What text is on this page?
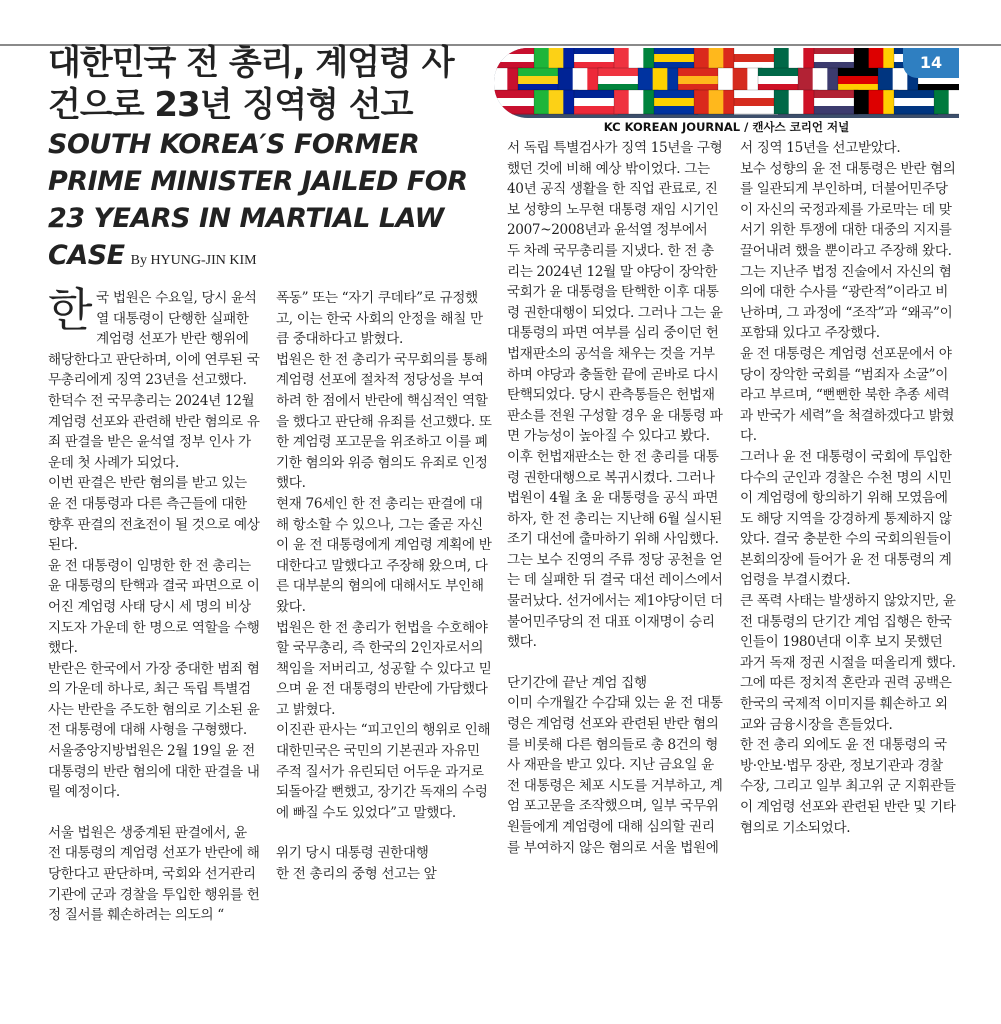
대한민국 전 총리, 계엄령 사건으로 23년 징역형 선고
SOUTH KOREA′S FORMER PRIME MINISTER JAILED FOR 23 YEARS IN MARTIAL LAW CASE By HYUNG-JIN KIM
14
KC KOREAN JOURNAL / 캔사스 코리언 저널

한국 법원은 수요일, 당시 윤석열 대통령이 단행한 실패한 계엄령 선포가 반란 행위에 해당한다고 판단하며, 이에 연루된 국무총리에게 징역 23년을 선고했다. 한덕수 전 국무총리는 2024년 12월 계엄령 선포와 관련해 반란 혐의로 유죄 판결을 받은 윤석열 정부 인사 가운데 첫 사례가 되었다.

이번 판결은 반란 혐의를 받고 있는 윤 전 대통령과 다른 측근들에 대한 향후 판결의 전초전이 될 것으로 예상된다.

윤 전 대통령이 임명한 한 전 총리는 윤 대통령의 탄핵과 결국 파면으로 이어진 계엄령 사태 당시 세 명의 비상 지도자 가운데 한 명으로 역할을 수행했다.

반란은 한국에서 가장 중대한 범죄 혐의 가운데 하나로, 최근 독립 특별검사는 반란을 주도한 혐의로 기소된 윤 전 대통령에 대해 사형을 구형했다. 서울중앙지방법원은 2월 19일 윤 전 대통령의 반란 혐의에 대한 판결을 내릴 예정이다.

서울 법원은 생중계된 판결에서, 윤 전 대통령의 계엄령 선포가 반란에 해당한다고 판단하며, 국회와 선거관리기관에 군과 경찰을 투입한 행위를 헌정 질서를 훼손하려는 의도의 “

폭동” 또는 “자기 쿠데타”로 규정했고, 이는 한국 사회의 안정을 해칠 만큼 중대하다고 밝혔다.

법원은 한 전 총리가 국무회의를 통해 계엄령 선포에 절차적 정당성을 부여하려 한 점에서 반란에 핵심적인 역할을 했다고 판단해 유죄를 선고했다. 또한 계엄령 포고문을 위조하고 이를 폐기한 혐의와 위증 혐의도 유죄로 인정했다.

현재 76세인 한 전 총리는 판결에 대해 항소할 수 있으나, 그는 줄곧 자신이 윤 전 대통령에게 계엄령 계획에 반대한다고 말했다고 주장해 왔으며, 다른 대부분의 혐의에 대해서도 부인해 왔다.

법원은 한 전 총리가 헌법을 수호해야 할 국무총리, 즉 한국의 2인자로서의 책임을 저버리고, 성공할 수 있다고 믿으며 윤 전 대통령의 반란에 가담했다고 밝혔다.

이진관 판사는 “피고인의 행위로 인해 대한민국은 국민의 기본권과 자유민주적 질서가 유린되던 어두운 과거로 되돌아갈 뻔했고, 장기간 독재의 수렁에 빠질 수도 있었다”고 말했다.

위기 당시 대통령 권한대행

한 전 총리의 중형 선고는 앞

서 독립 특별검사가 징역 15년을 구형했던 것에 비해 예상 밖이었다. 그는 40년 공직 생활을 한 직업 관료로, 진보 성향의 노무현 대통령 재임 시기인 2007~2008년과 윤석열 정부에서 두 차례 국무총리를 지냈다. 한 전 총리는 2024년 12월 말 야당이 장악한 국회가 윤 대통령을 탄핵한 이후 대통령 권한대행이 되었다. 그러나 그는 윤 대통령의 파면 여부를 심리 중이던 헌법재판소의 공석을 채우는 것을 거부하며 야당과 충돌한 끝에 곧바로 다시 탄핵되었다. 당시 관측통들은 헌법재판소를 전원 구성할 경우 윤 대통령 파면 가능성이 높아질 수 있다고 봤다.

이후 헌법재판소는 한 전 총리를 대통령 권한대행으로 복귀시켰다. 그러나 법원이 4월 초 윤 대통령을 공식 파면하자, 한 전 총리는 지난해 6월 실시된 조기 대선에 출마하기 위해 사임했다. 그는 보수 진영의 주류 정당 공천을 얻는 데 실패한 뒤 결국 대선 레이스에서 물러났다. 선거에서는 제1야당이던 더불어민주당의 전 대표 이재명이 승리했다.

단기간에 끝난 계엄 집행

이미 수개월간 수감돼 있는 윤 전 대통령은 계엄령 선포와 관련된 반란 혐의를 비롯해 다른 혐의들로 총 8건의 형사 재판을 받고 있다. 지난 금요일 윤 전 대통령은 체포 시도를 거부하고, 계엄 포고문을 조작했으며, 일부 국무위원들에게 계엄령에 대해 심의할 권리를 부여하지 않은 혐의로 서울 법원에

서 징역 15년을 선고받았다.

보수 성향의 윤 전 대통령은 반란 혐의를 일관되게 부인하며, 더불어민주당이 자신의 국정과제를 가로막는 데 맞서기 위한 투쟁에 대한 대중의 지지를 끌어내려 했을 뿐이라고 주장해 왔다. 그는 지난주 법정 진술에서 자신의 혐의에 대한 수사를 “광란적”이라고 비난하며, 그 과정에 “조작”과 “왜곡”이 포함돼 있다고 주장했다.

윤 전 대통령은 계엄령 선포문에서 야당이 장악한 국회를 “범죄자 소굴”이라고 부르며, “뻔뻔한 북한 추종 세력과 반국가 세력”을 척결하겠다고 밝혔다.

그러나 윤 전 대통령이 국회에 투입한 다수의 군인과 경찰은 수천 명의 시민이 계엄령에 항의하기 위해 모였음에도 해당 지역을 강경하게 통제하지 않았다. 결국 충분한 수의 국회의원들이 본회의장에 들어가 윤 전 대통령의 계엄령을 부결시켰다.

큰 폭력 사태는 발생하지 않았지만, 윤 전 대통령의 단기간 계엄 집행은 한국인들이 1980년대 이후 보지 못했던 과거 독재 정권 시절을 떠올리게 했다. 그에 따른 정치적 혼란과 권력 공백은 한국의 국제적 이미지를 훼손하고 외교와 금융시장을 흔들었다.

한 전 총리 외에도 윤 전 대통령의 국방·안보·법무 장관, 정보기관과 경찰 수장, 그리고 일부 최고위 군 지휘관들이 계엄령 선포와 관련된 반란 및 기타 혐의로 기소되었다.
